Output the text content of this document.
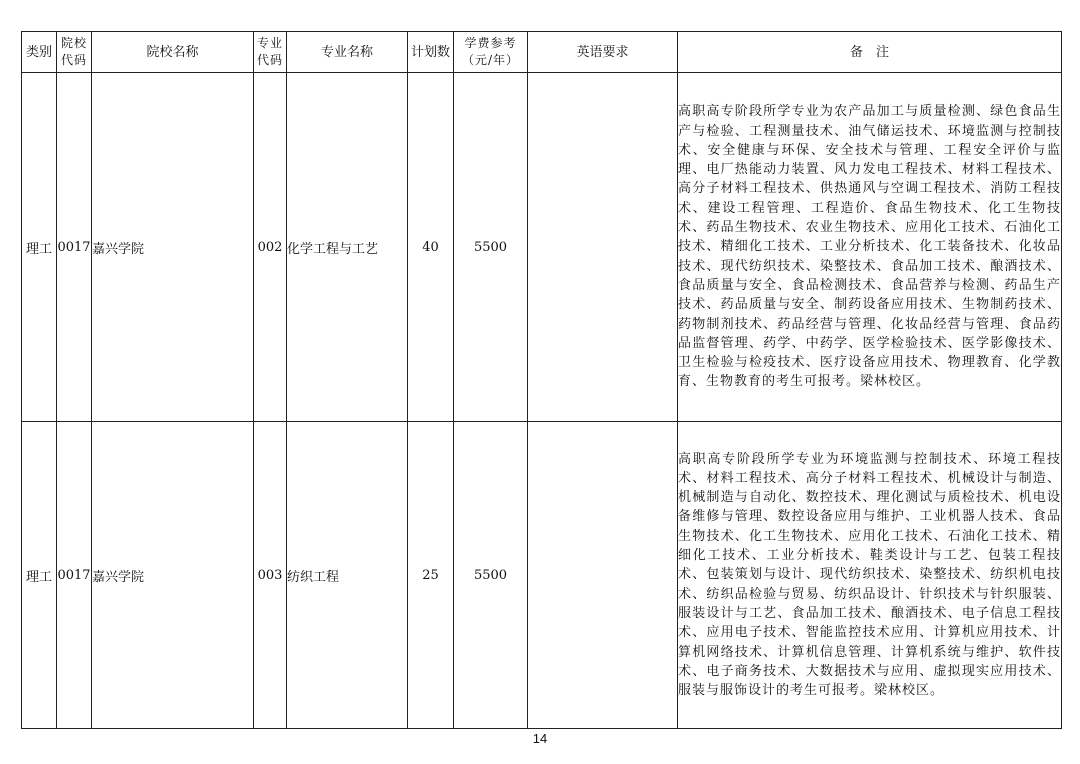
类别	院校代码	院校名称	专业代码	专业名称	计划数	学费参考（元/年）	英语要求	备　注
理工	0017	嘉兴学院	002	化学工程与工艺	40	5500		高职高专阶段所学专业为农产品加工与质量检测、绿色食品生产与检验、工程测量技术、油气储运技术、环境监测与控制技术、安全健康与环保、安全技术与管理、工程安全评价与监理、电厂热能动力装置、风力发电工程技术、材料工程技术、高分子材料工程技术、供热通风与空调工程技术、消防工程技术、建设工程管理、工程造价、食品生物技术、化工生物技术、药品生物技术、农业生物技术、应用化工技术、石油化工技术、精细化工技术、工业分析技术、化工装备技术、化妆品技术、现代纺织技术、染整技术、食品加工技术、酿酒技术、食品质量与安全、食品检测技术、食品营养与检测、药品生产技术、药品质量与安全、制药设备应用技术、生物制药技术、药物制剂技术、药品经营与管理、化妆品经营与管理、食品药品监督管理、药学、中药学、医学检验技术、医学影像技术、卫生检验与检疫技术、医疗设备应用技术、物理教育、化学教育、生物教育的考生可报考。梁林校区。
理工	0017	嘉兴学院	003	纺织工程	25	5500		高职高专阶段所学专业为环境监测与控制技术、环境工程技术、材料工程技术、高分子材料工程技术、机械设计与制造、机械制造与自动化、数控技术、理化测试与质检技术、机电设备维修与管理、数控设备应用与维护、工业机器人技术、食品生物技术、化工生物技术、应用化工技术、石油化工技术、精细化工技术、工业分析技术、鞋类设计与工艺、包装工程技术、包装策划与设计、现代纺织技术、染整技术、纺织机电技术、纺织品检验与贸易、纺织品设计、针织技术与针织服装、服装设计与工艺、食品加工技术、酿酒技术、电子信息工程技术、应用电子技术、智能监控技术应用、计算机应用技术、计算机网络技术、计算机信息管理、计算机系统与维护、软件技术、电子商务技术、大数据技术与应用、虚拟现实应用技术、服装与服饰设计的考生可报考。梁林校区。
14
